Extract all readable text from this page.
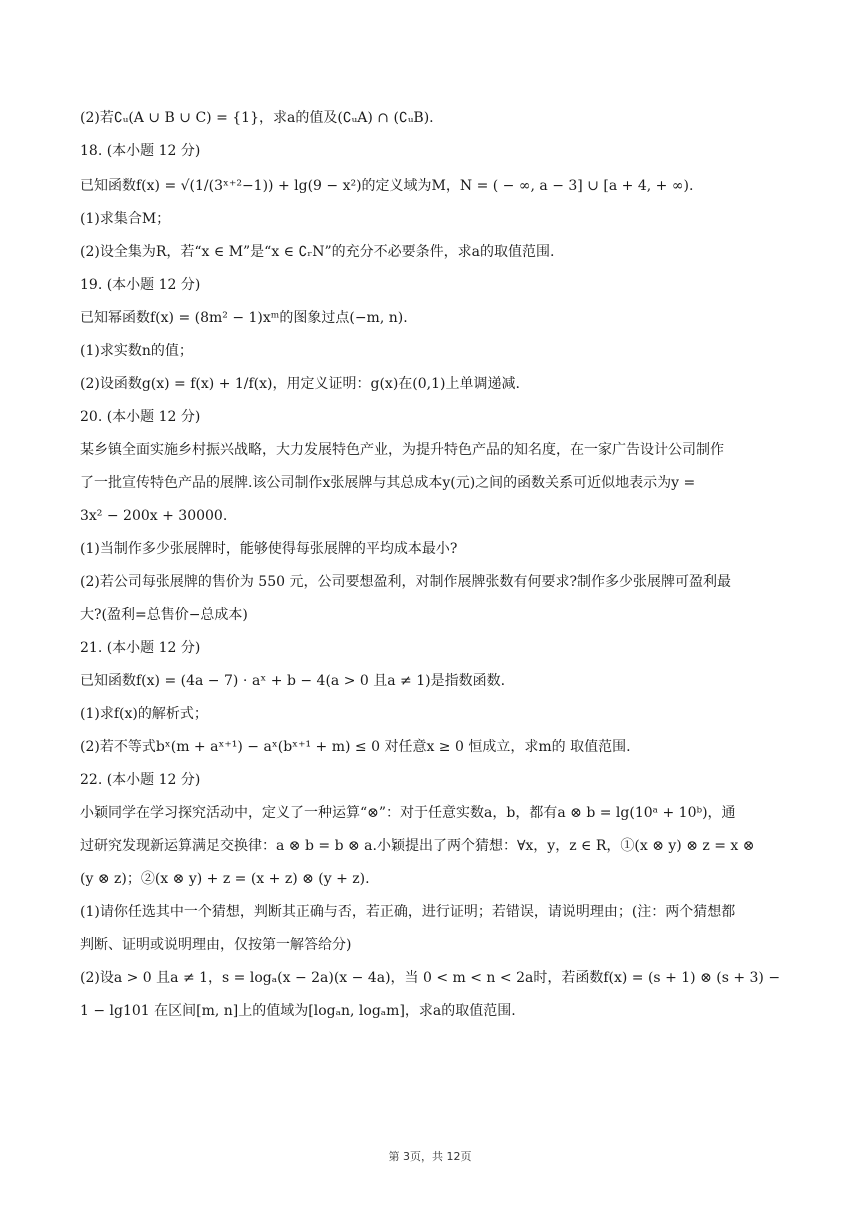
(2)若∁ᵤ(A ∪ B ∪ C) = {1}，求a的值及(∁ᵤA) ∩ (∁ᵤB).

18. (本小题 12 分)

已知函数f(x) = √(1/(3ˣ⁺²−1)) + lg(9 − x²)的定义域为M，N = ( − ∞, a − 3] ∪ [a + 4, + ∞).

(1)求集合M；

(2)设全集为R，若“x ∈ M”是“x ∈ ∁ᵣN”的充分不必要条件，求a的取值范围.

19. (本小题 12 分)

已知幂函数f(x) = (8m² − 1)xᵐ的图象过点(−m, n).

(1)求实数n的值；

(2)设函数g(x) = f(x) + 1/f(x)，用定义证明：g(x)在(0,1)上单调递减.

20. (本小题 12 分)

某乡镇全面实施乡村振兴战略，大力发展特色产业，为提升特色产品的知名度，在一家广告设计公司制作

了一批宣传特色产品的展牌.该公司制作x张展牌与其总成本y(元)之间的函数关系可近似地表示为y =

3x² − 200x + 30000.

(1)当制作多少张展牌时，能够使得每张展牌的平均成本最小?

(2)若公司每张展牌的售价为 550 元，公司要想盈利，对制作展牌张数有何要求?制作多少张展牌可盈利最

大?(盈利=总售价−总成本)

21. (本小题 12 分)

已知函数f(x) = (4a − 7) ⋅ aˣ + b − 4(a > 0 且a ≠ 1)是指数函数.

(1)求f(x)的解析式；

(2)若不等式bˣ(m + aˣ⁺¹) − aˣ(bˣ⁺¹ + m) ≤ 0 对任意x ≥ 0 恒成立，求m的 取值范围.

22. (本小题 12 分)

小颖同学在学习探究活动中，定义了一种运算“⊗”：对于任意实数a，b，都有a ⊗ b = lg(10ᵃ + 10ᵇ)，通

过研究发现新运算满足交换律：a ⊗ b = b ⊗ a.小颖提出了两个猜想：∀x，y，z ∈ R，①(x ⊗ y) ⊗ z = x ⊗

(y ⊗ z)；②(x ⊗ y) + z = (x + z) ⊗ (y + z).

(1)请你任选其中一个猜想，判断其正确与否，若正确，进行证明；若错误，请说明理由；(注：两个猜想都

判断、证明或说明理由，仅按第一解答给分)

(2)设a > 0 且a ≠ 1，s = logₐ(x − 2a)(x − 4a)，当 0 < m < n < 2a时，若函数f(x) = (s + 1) ⊗ (s + 3) −

1 − lg101 在区间[m, n]上的值域为[logₐn, logₐm]，求a的取值范围.

第 3页，共 12页
